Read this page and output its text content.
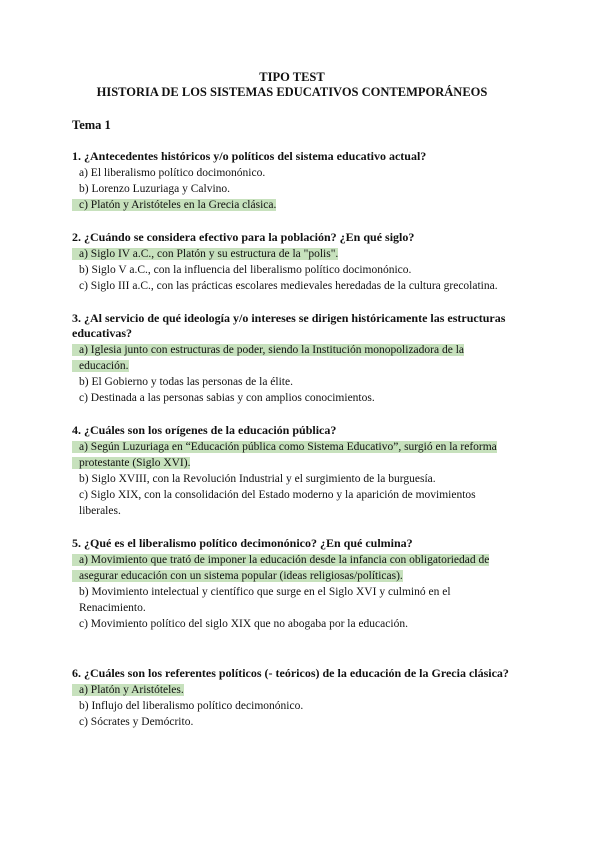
TIPO TEST

HISTORIA DE LOS SISTEMAS EDUCATIVOS CONTEMPORÁNEOS

Tema 1

1. ¿Antecedentes históricos y/o políticos del sistema educativo actual?

a) El liberalismo político docimonónico.

b) Lorenzo Luzuriaga y Calvino.

c) Platón y Aristóteles en la Grecia clásica.

2. ¿Cuándo se considera efectivo para la población? ¿En qué siglo?

a) Siglo IV a.C., con Platón y su estructura de la "polis".

b) Siglo V a.C., con la influencia del liberalismo político docimonónico.

c) Siglo III a.C., con las prácticas escolares medievales heredadas de la cultura grecolatina.

3. ¿Al servicio de qué ideología y/o intereses se dirigen históricamente las estructuras educativas?

a) Iglesia junto con estructuras de poder, siendo la Institución monopolizadora de la educación.

b) El Gobierno y todas las personas de la élite.

c) Destinada a las personas sabias y con amplios conocimientos.

4. ¿Cuáles son los orígenes de la educación pública?

a) Según Luzuriaga en “Educación pública como Sistema Educativo”, surgió en la reforma protestante (Siglo XVI).

b) Siglo XVIII, con la Revolución Industrial y el surgimiento de la burguesía.

c) Siglo XIX, con la consolidación del Estado moderno y la aparición de movimientos liberales.

5. ¿Qué es el liberalismo político decimonónico? ¿En qué culmina?

a) Movimiento que trató de imponer la educación desde la infancia con obligatoriedad de asegurar educación con un sistema popular (ideas religiosas/políticas).

b) Movimiento intelectual y científico que surge en el Siglo XVI y culminó en el Renacimiento.

c) Movimiento político del siglo XIX que no abogaba por la educación.

6. ¿Cuáles son los referentes políticos (- teóricos) de la educación de la Grecia clásica?

a) Platón y Aristóteles.

b) Influjo del liberalismo político decimonónico.

c) Sócrates y Demócrito.
